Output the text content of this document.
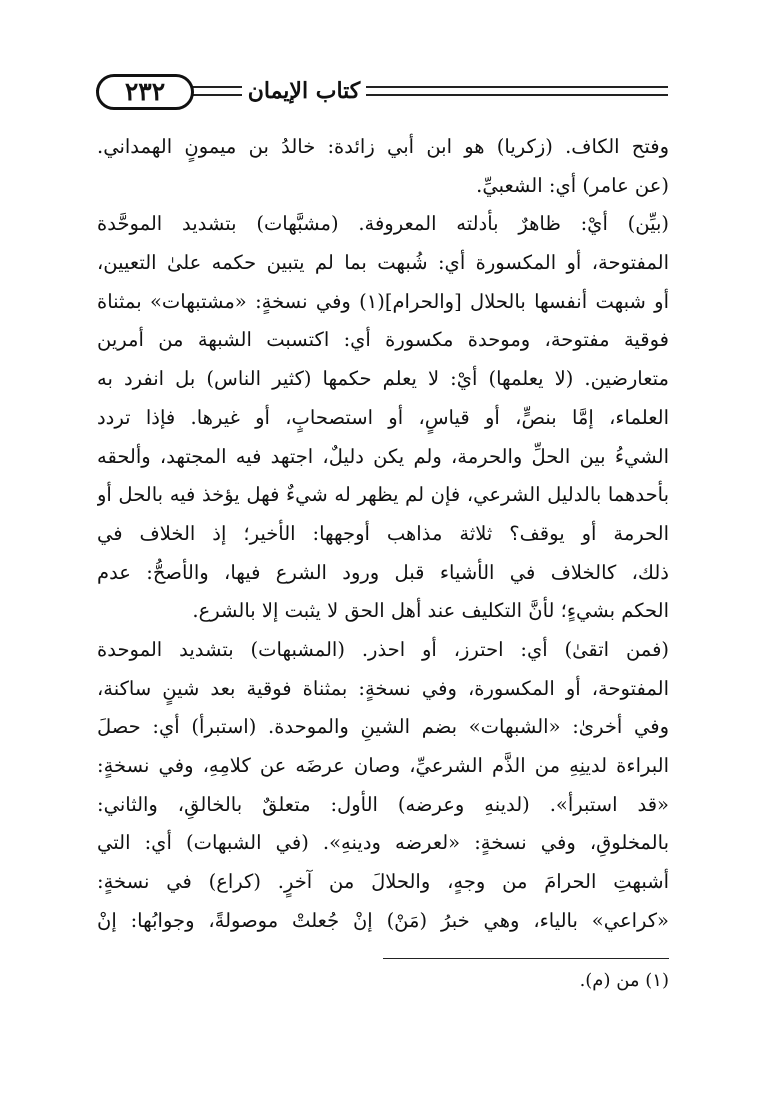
٢٣٢	كتاب الإيمان
وفتح الكاف. (زكريا) هو ابن أبي زائدة: خالدُ بن ميمونٍ الهمداني.
(عن عامر) أي: الشعبيِّ.
(بيِّن) أيْ: ظاهرٌ بأدلته المعروفة. (مشبَّهات) بتشديد الموحَّدة
المفتوحة، أو المكسورة أي: شُبهت بما لم يتبين حكمه علىٰ التعيين،
أو شبهت أنفسها بالحلال [والحرام](١) وفي نسخةٍ: «مشتبهات» بمثناة
فوقية مفتوحة، وموحدة مكسورة أي: اكتسبت الشبهة من أمرين
متعارضين. (لا يعلمها) أيْ: لا يعلم حكمها (كثير الناس) بل انفرد به
العلماء، إمَّا بنصٍّ، أو قياسٍ، أو استصحابٍ، أو غيرها. فإذا تردد
الشيءُ بين الحلِّ والحرمة، ولم يكن دليلٌ، اجتهد فيه المجتهد، وألحقه
بأحدهما بالدليل الشرعي، فإن لم يظهر له شيءٌ فهل يؤخذ فيه بالحل أو
الحرمة أو يوقف؟ ثلاثة مذاهب أوجهها: الأخير؛ إذ الخلاف في
ذلك، كالخلاف في الأشياء قبل ورود الشرع فيها، والأصحُّ: عدم
الحكم بشيءٍ؛ لأنَّ التكليف عند أهل الحق لا يثبت إلا بالشرع.
(فمن اتقىٰ) أي: احترز، أو احذر. (المشبهات) بتشديد الموحدة
المفتوحة، أو المكسورة، وفي نسخةٍ: بمثناة فوقية بعد شينٍ ساكنة،
وفي أخرىٰ: «الشبهات» بضم الشينِ والموحدة. (استبرأ) أي: حصلَ
البراءة لدينِهِ من الذَّم الشرعيِّ، وصان عرضَه عن كلامِهِ، وفي نسخةٍ:
«قد استبرأ». (لدينهِ وعرضه) الأول: متعلقٌ بالخالقِ، والثاني:
بالمخلوقِ، وفي نسخةٍ: «لعرضه ودينهِ». (في الشبهات) أي: التي
أشبهتِ الحرامَ من وجهٍ، والحلالَ من آخرٍ. (كراع) في نسخةٍ:
«كراعي» بالياء، وهي خبرُ (مَنْ) إنْ جُعلتْ موصولةً، وجوابُها: إنْ
(١) من (م).
